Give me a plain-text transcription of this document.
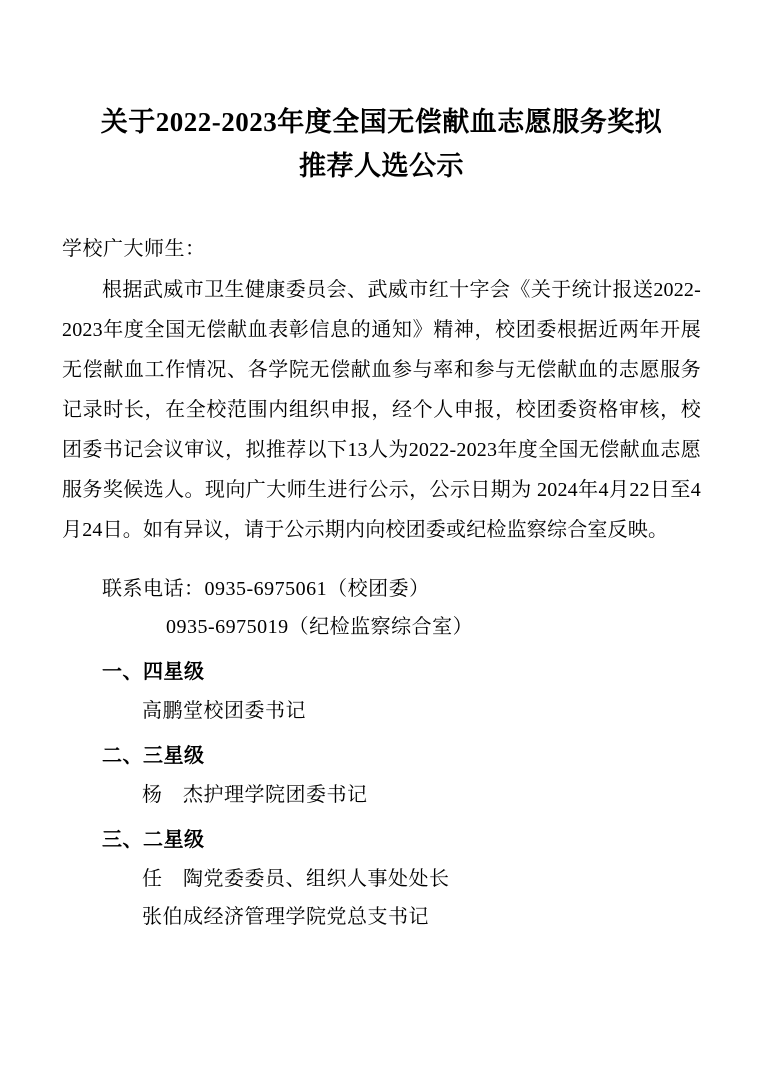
关于2022-2023年度全国无偿献血志愿服务奖拟推荐人选公示
学校广大师生：

根据武威市卫生健康委员会、武威市红十字会《关于统计报送2022-2023年度全国无偿献血表彰信息的通知》精神，校团委根据近两年开展无偿献血工作情况、各学院无偿献血参与率和参与无偿献血的志愿服务记录时长，在全校范围内组织申报，经个人申报，校团委资格审核，校团委书记会议审议，拟推荐以下13人为2022-2023年度全国无偿献血志愿服务奖候选人。现向广大师生进行公示，公示日期为 2024年4月22日至4月24日。如有异议，请于公示期内向校团委或纪检监察综合室反映。

联系电话：0935-6975061（校团委）
0935-6975019（纪检监察综合室）
一、四星级
高鹏堂校团委书记
二、三星级
杨　杰护理学院团委书记
三、二星级
任　陶党委委员、组织人事处处长
张伯成经济管理学院党总支书记
